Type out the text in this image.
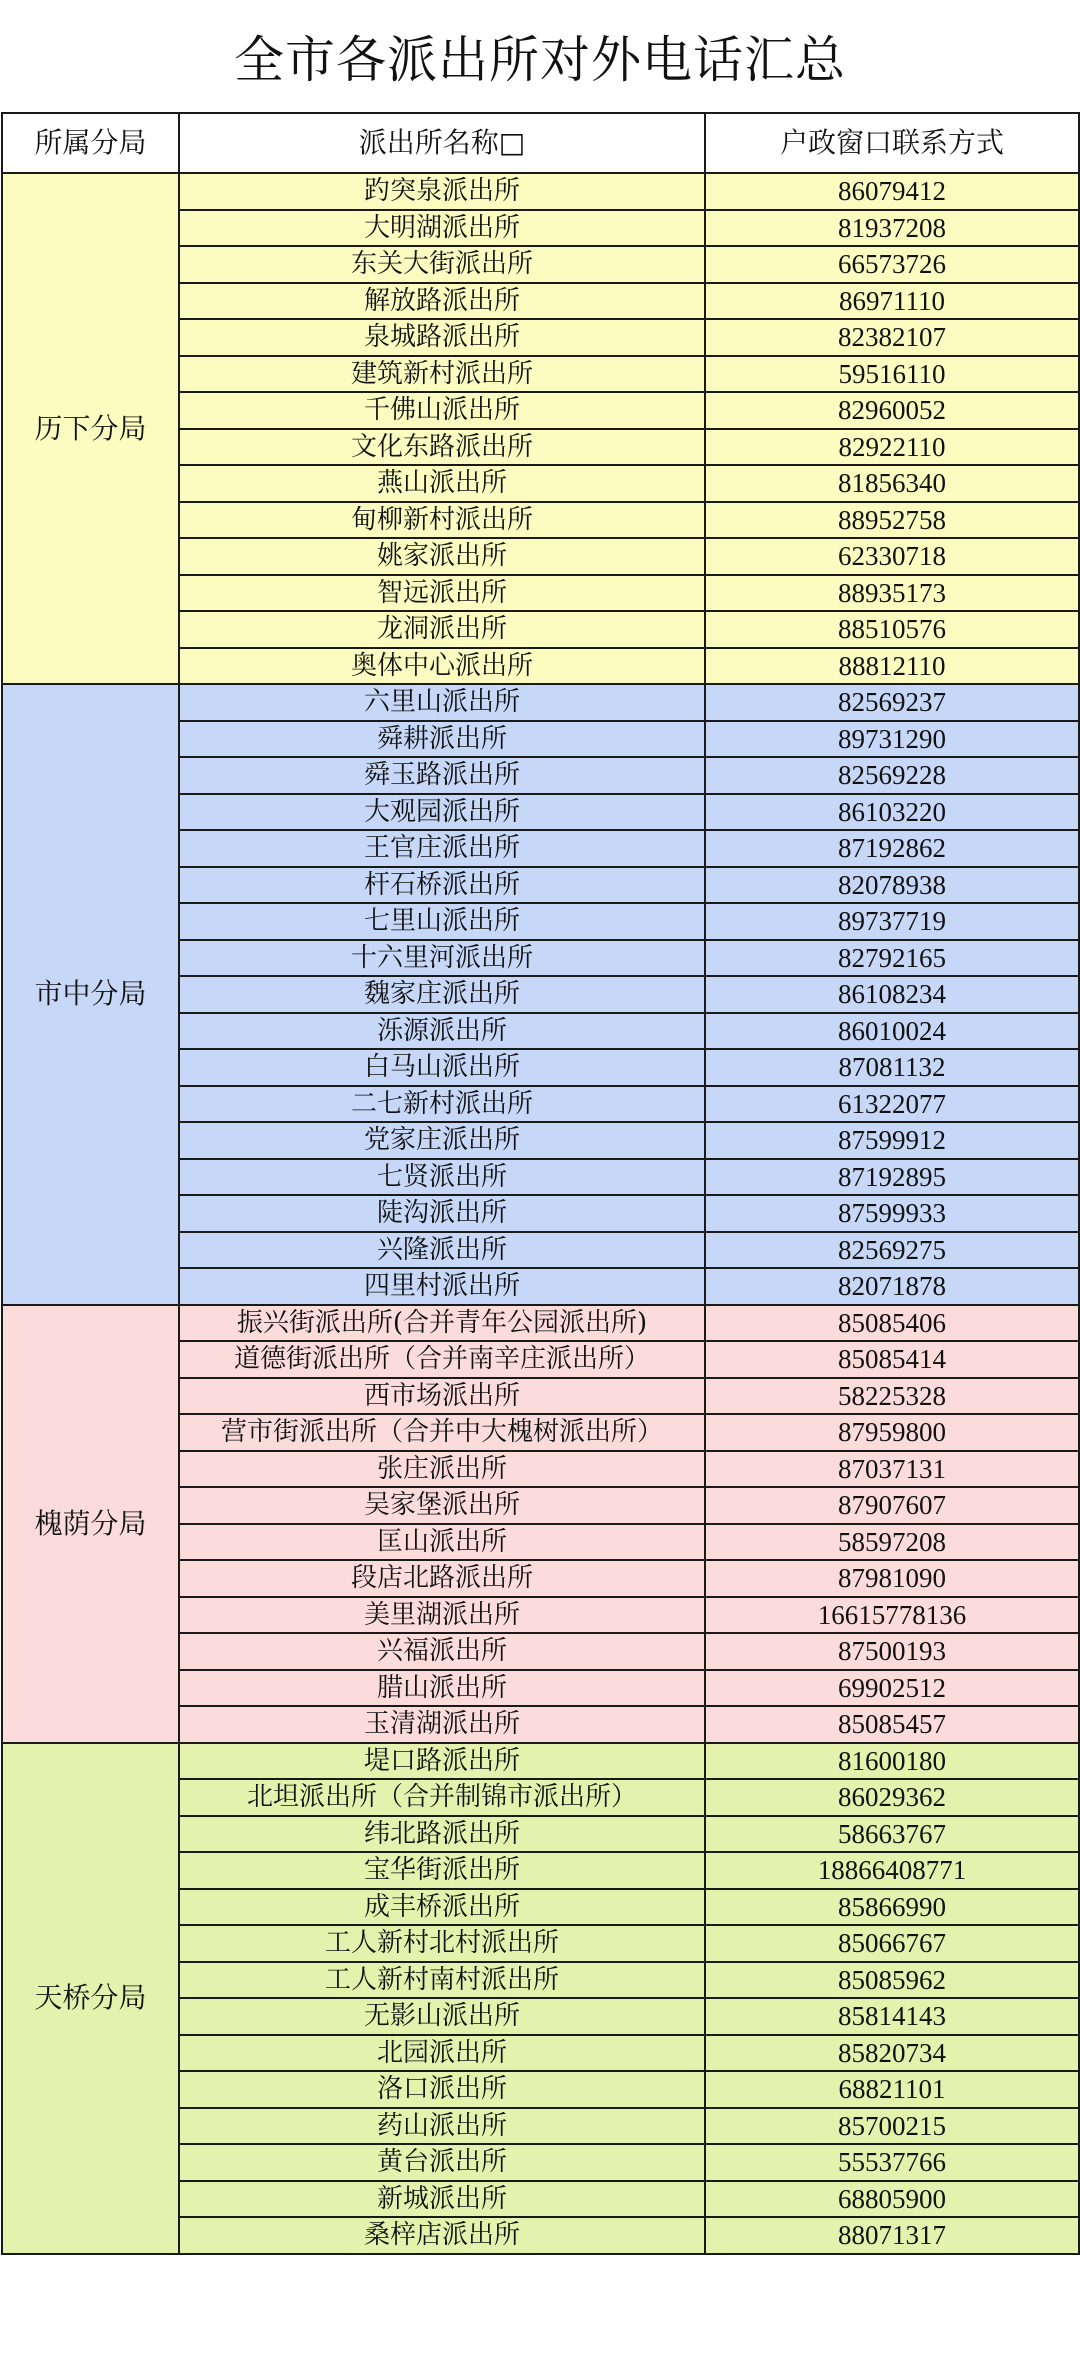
全市各派出所对外电话汇总
所属分局	派出所名称□	户政窗口联系方式
历下分局	趵突泉派出所	86079412
	大明湖派出所	81937208
	东关大街派出所	66573726
	解放路派出所	86971110
	泉城路派出所	82382107
	建筑新村派出所	59516110
	千佛山派出所	82960052
	文化东路派出所	82922110
	燕山派出所	81856340
	甸柳新村派出所	88952758
	姚家派出所	62330718
	智远派出所	88935173
	龙洞派出所	88510576
	奥体中心派出所	88812110
市中分局	六里山派出所	82569237
	舜耕派出所	89731290
	舜玉路派出所	82569228
	大观园派出所	86103220
	王官庄派出所	87192862
	杆石桥派出所	82078938
	七里山派出所	89737719
	十六里河派出所	82792165
	魏家庄派出所	86108234
	泺源派出所	86010024
	白马山派出所	87081132
	二七新村派出所	61322077
	党家庄派出所	87599912
	七贤派出所	87192895
	陡沟派出所	87599933
	兴隆派出所	82569275
	四里村派出所	82071878
槐荫分局	振兴街派出所(合并青年公园派出所)	85085406
	道德街派出所（合并南辛庄派出所）	85085414
	西市场派出所	58225328
	营市街派出所（合并中大槐树派出所）	87959800
	张庄派出所	87037131
	吴家堡派出所	87907607
	匡山派出所	58597208
	段店北路派出所	87981090
	美里湖派出所	16615778136
	兴福派出所	87500193
	腊山派出所	69902512
	玉清湖派出所	85085457
天桥分局	堤口路派出所	81600180
	北坦派出所（合并制锦市派出所）	86029362
	纬北路派出所	58663767
	宝华街派出所	18866408771
	成丰桥派出所	85866990
	工人新村北村派出所	85066767
	工人新村南村派出所	85085962
	无影山派出所	85814143
	北园派出所	85820734
	洛口派出所	68821101
	药山派出所	85700215
	黄台派出所	55537766
	新城派出所	68805900
	桑梓店派出所	88071317
